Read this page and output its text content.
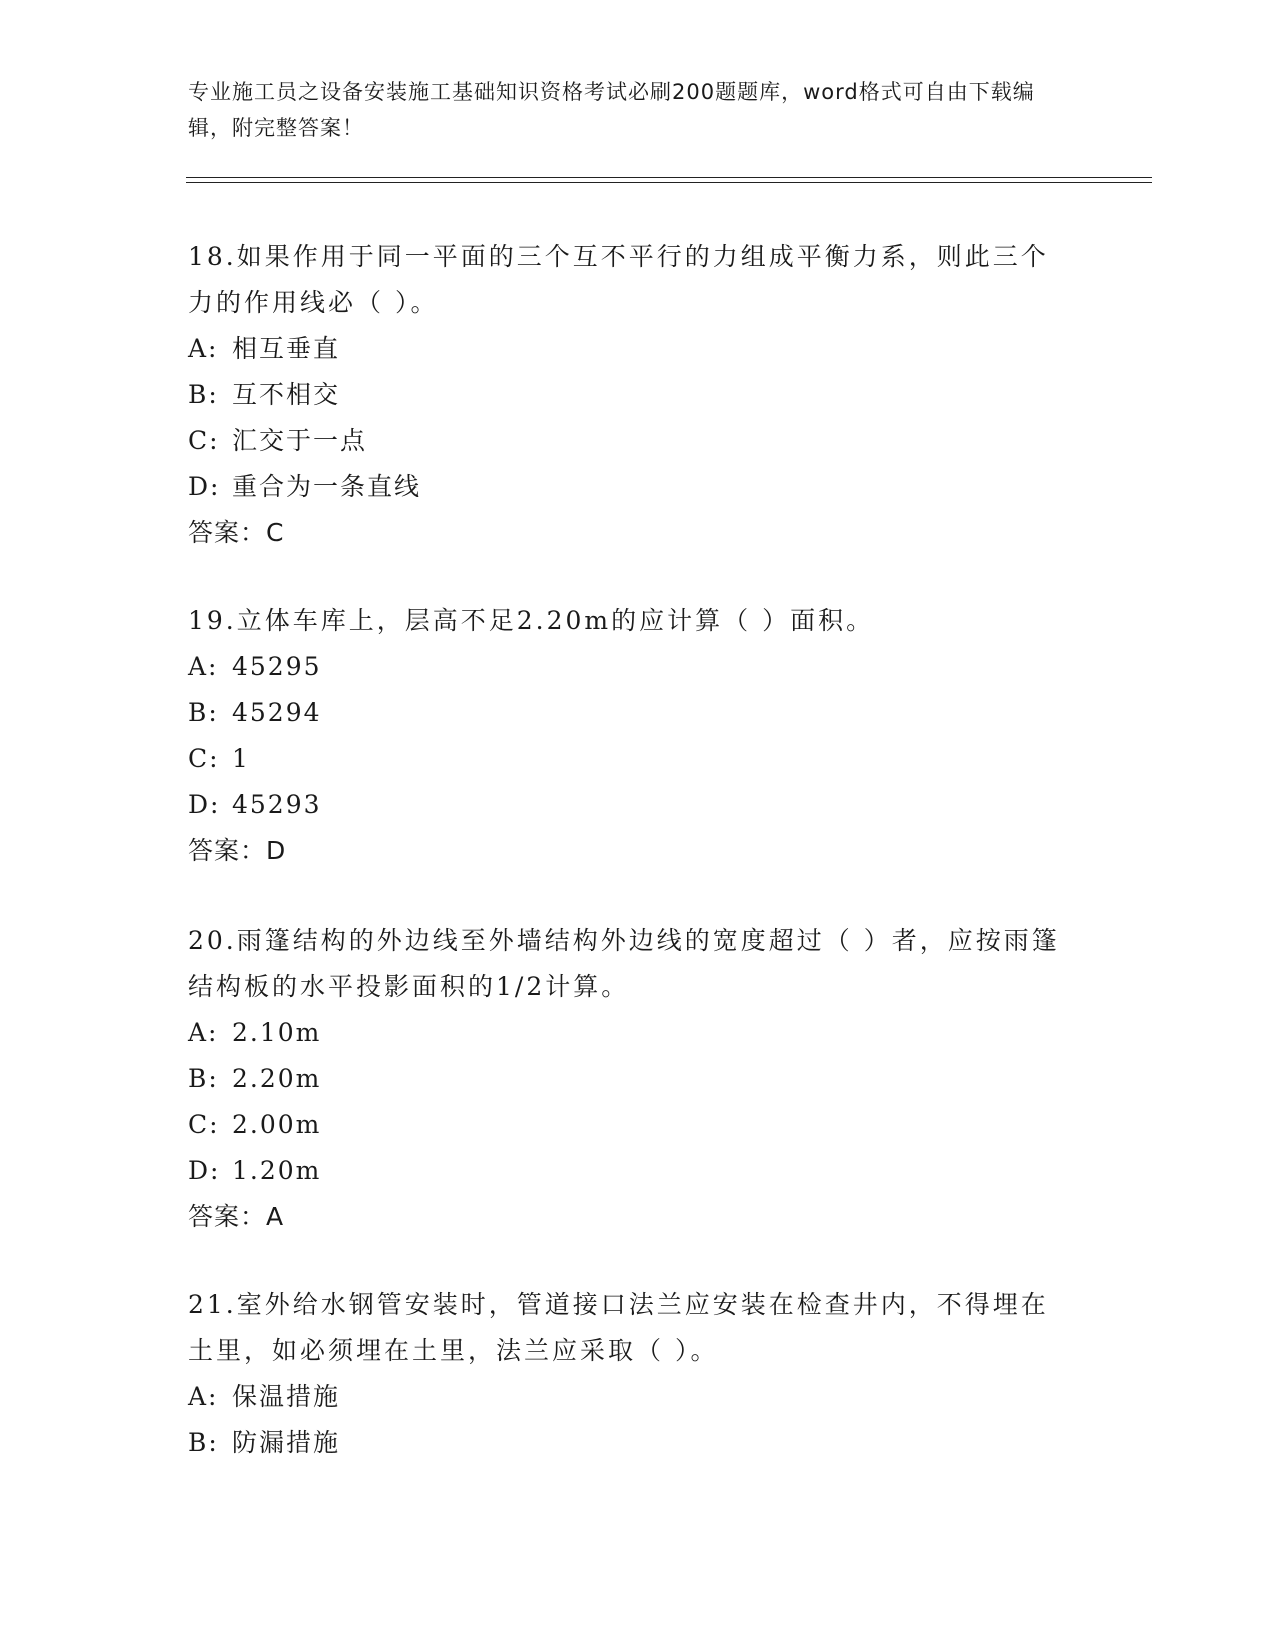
专业施工员之设备安装施工基础知识资格考试必刷200题题库，word格式可自由下载编辑，附完整答案！

18.如果作用于同一平面的三个互不平行的力组成平衡力系，则此三个力的作用线必（ ）。

A: 相互垂直
B: 互不相交
C: 汇交于一点
D: 重合为一条直线
答案：C

19.立体车库上，层高不足2.20m的应计算（ ）面积。

A: 45295
B: 45294
C: 1
D: 45293
答案：D

20.雨篷结构的外边线至外墙结构外边线的宽度超过（ ）者，应按雨篷结构板的水平投影面积的1/2计算。

A: 2.10m
B: 2.20m
C: 2.00m
D: 1.20m
答案：A

21.室外给水钢管安装时，管道接口法兰应安装在检查井内，不得埋在土里，如必须埋在土里，法兰应采取（ ）。

A: 保温措施
B: 防漏措施
